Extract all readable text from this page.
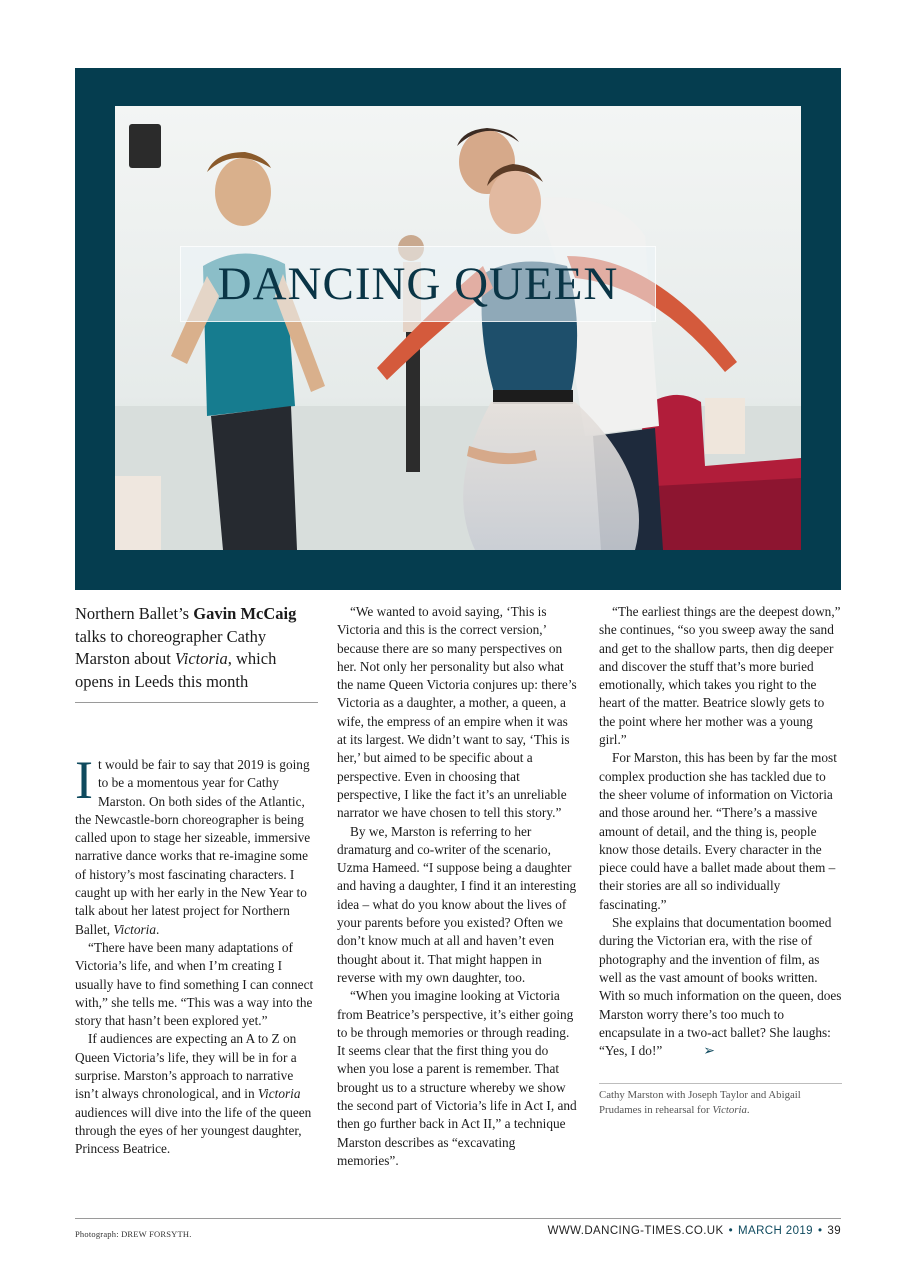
DANCING QUEEN

Northern Ballet’s Gavin McCaig talks to choreographer Cathy Marston about Victoria, which opens in Leeds this month

It would be fair to say that 2019 is going to be a momentous year for Cathy Marston. On both sides of the Atlantic, the Newcastle-born choreographer is being called upon to stage her sizeable, immersive narrative dance works that re-imagine some of history’s most fascinating characters. I caught up with her early in the New Year to talk about her latest project for Northern Ballet, Victoria.

“There have been many adaptations of Victoria’s life, and when I’m creating I usually have to find something I can connect with,” she tells me. “This was a way into the story that hasn’t been explored yet.”

If audiences are expecting an A to Z on Queen Victoria’s life, they will be in for a surprise. Marston’s approach to narrative isn’t always chronological, and in Victoria audiences will dive into the life of the queen through the eyes of her youngest daughter, Princess Beatrice.

“We wanted to avoid saying, ‘This is Victoria and this is the correct version,’ because there are so many perspectives on her. Not only her personality but also what the name Queen Victoria conjures up: there’s Victoria as a daughter, a mother, a queen, a wife, the empress of an empire when it was at its largest. We didn’t want to say, ‘This is her,’ but aimed to be specific about a perspective. Even in choosing that perspective, I like the fact it’s an unreliable narrator we have chosen to tell this story.”

By we, Marston is referring to her dramaturg and co-writer of the scenario, Uzma Hameed. “I suppose being a daughter and having a daughter, I find it an interesting idea – what do you know about the lives of your parents before you existed? Often we don’t know much at all and haven’t even thought about it. That might happen in reverse with my own daughter, too.

“When you imagine looking at Victoria from Beatrice’s perspective, it’s either going to be through memories or through reading. It seems clear that the first thing you do when you lose a parent is remember. That brought us to a structure whereby we show the second part of Victoria’s life in Act I, and then go further back in Act II,” a technique Marston describes as “excavating memories”.

“The earliest things are the deepest down,” she continues, “so you sweep away the sand and get to the shallow parts, then dig deeper and discover the stuff that’s more buried emotionally, which takes you right to the heart of the matter. Beatrice slowly gets to the point where her mother was a young girl.”

For Marston, this has been by far the most complex production she has tackled due to the sheer volume of information on Victoria and those around her. “There’s a massive amount of detail, and the thing is, people know those details. Every character in the piece could have a ballet made about them – their stories are all so individually fascinating.”

She explains that documentation boomed during the Victorian era, with the rise of photography and the invention of film, as well as the vast amount of books written. With so much information on the queen, does Marston worry there’s too much to encapsulate in a two-act ballet? She laughs: “Yes, I do!”	➢

Cathy Marston with Joseph Taylor and Abigail Prudames in rehearsal for Victoria.
Photograph: DREW FORSYTH.	WWW.DANCING-TIMES.CO.UK • MARCH 2019 • 39
